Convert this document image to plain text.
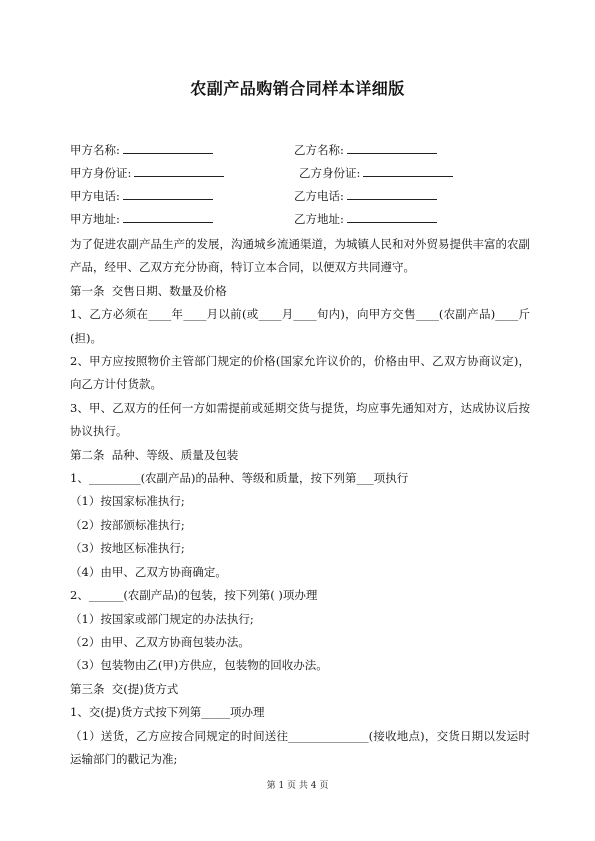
农副产品购销合同样本详细版
甲方名称:	乙方名称:
甲方身份证:	乙方身份证:
甲方电话:	乙方电话:
甲方地址:	乙方地址:

为了促进农副产品生产的发展，沟通城乡流通渠道，为城镇人民和对外贸易提供丰富的农副产品，经甲、乙双方充分协商，特订立本合同，以便双方共同遵守。

第一条  交售日期、数量及价格

1、乙方必须在____年____月以前(或____月____旬内)，向甲方交售____(农副产品)____斤(担)。

2、甲方应按照物价主管部门规定的价格(国家允许议价的，价格由甲、乙双方协商议定)，向乙方计付货款。

3、甲、乙双方的任何一方如需提前或延期交货与提货，均应事先通知对方，达成协议后按协议执行。

第二条  品种、等级、质量及包装

1、_________(农副产品)的品种、等级和质量，按下列第___项执行

（1）按国家标准执行;

（2）按部颁标准执行;

（3）按地区标准执行;

（4）由甲、乙双方协商确定。

2、______(农副产品)的包装，按下列第( )项办理

（1）按国家或部门规定的办法执行;

（2）由甲、乙双方协商包装办法。

（3）包装物由乙(甲)方供应，包装物的回收办法。

第三条  交(提)货方式

1、交(提)货方式按下列第_____项办理

（1）送货，乙方应按合同规定的时间送往______________(接收地点)，交货日期以发运时运输部门的戳记为准;

第 1 页 共 4 页
